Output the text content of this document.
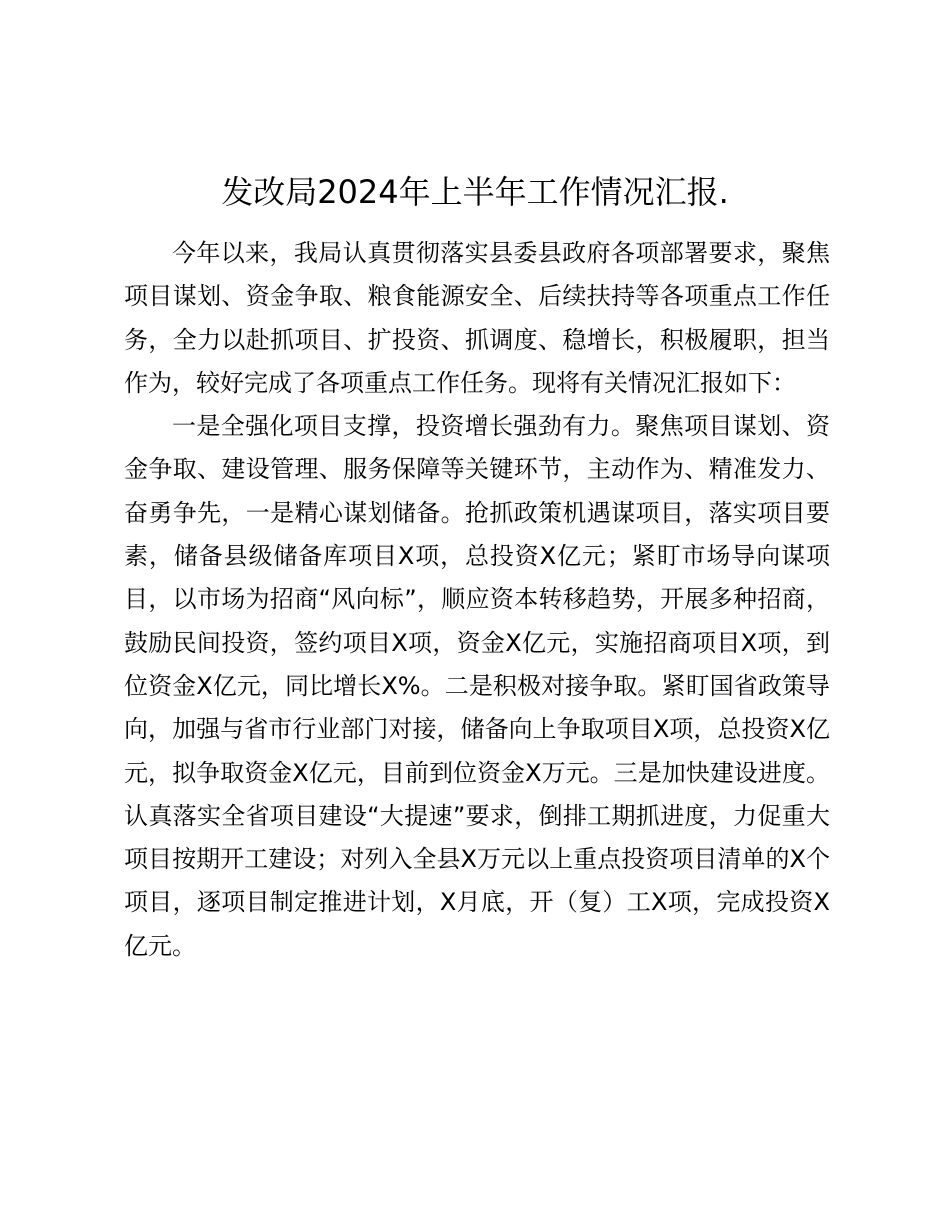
发改局2024年上半年工作情况汇报.

今年以来，我局认真贯彻落实县委县政府各项部署要求，聚焦项目谋划、资金争取、粮食能源安全、后续扶持等各项重点工作任务，全力以赴抓项目、扩投资、抓调度、稳增长，积极履职，担当作为，较好完成了各项重点工作任务。现将有关情况汇报如下：

一是全强化项目支撑，投资增长强劲有力。聚焦项目谋划、资金争取、建设管理、服务保障等关键环节，主动作为、精准发力、奋勇争先，一是精心谋划储备。抢抓政策机遇谋项目，落实项目要素，储备县级储备库项目X项，总投资X亿元；紧盯市场导向谋项目，以市场为招商“风向标”，顺应资本转移趋势，开展多种招商，鼓励民间投资，签约项目X项，资金X亿元，实施招商项目X项，到位资金X亿元，同比增长X%。二是积极对接争取。紧盯国省政策导向，加强与省市行业部门对接，储备向上争取项目X项，总投资X亿元，拟争取资金X亿元，目前到位资金X万元。三是加快建设进度。认真落实全省项目建设“大提速”要求，倒排工期抓进度，力促重大项目按期开工建设；对列入全县X万元以上重点投资项目清单的X个项目，逐项目制定推进计划，X月底，开（复）工X项，完成投资X亿元。
